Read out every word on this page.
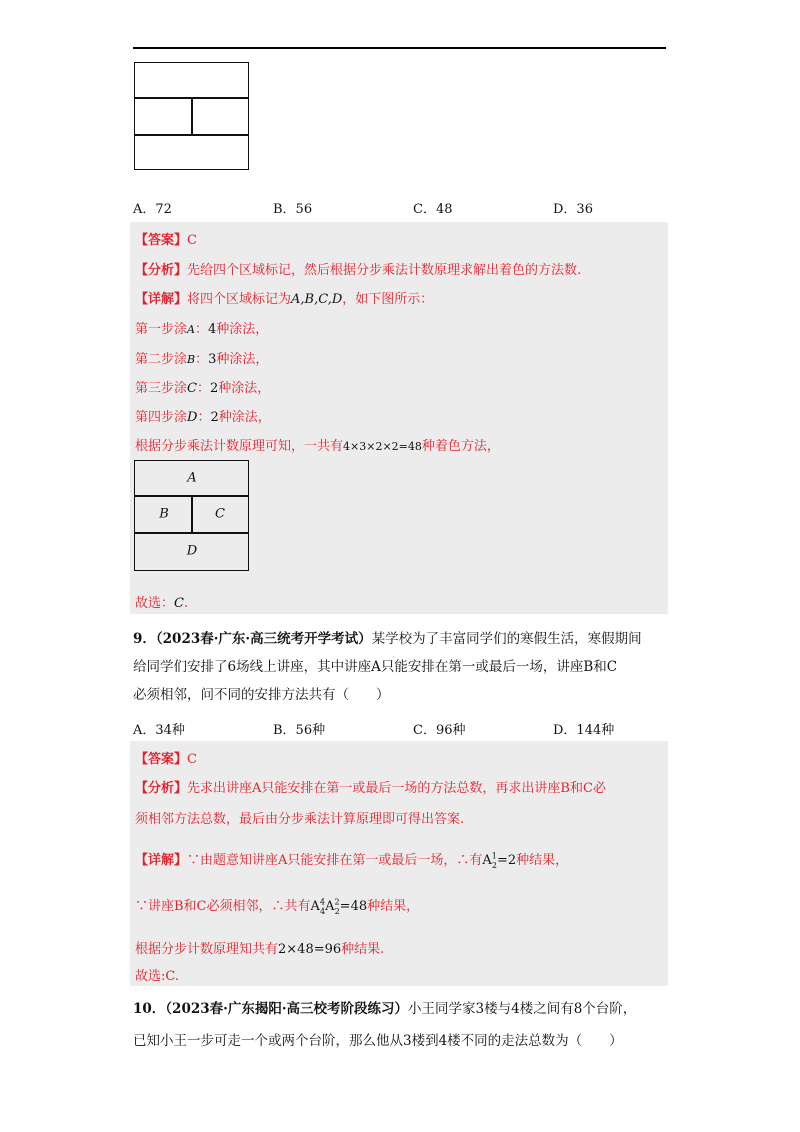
A．72	B．56	C．48	D．36
【答案】C
【分析】先给四个区域标记，然后根据分步乘法计数原理求解出着色的方法数.
【详解】将四个区域标记为A,B,C,D，如下图所示：
第一步涂A：4种涂法，
第二步涂B：3种涂法，
第三步涂C：2种涂法，
第四步涂D：2种涂法，
根据分步乘法计数原理可知，一共有4×3×2×2=48种着色方法，
A
B	C
D
故选：C.
9．（2023春·广东·高三统考开学考试）某学校为了丰富同学们的寒假生活，寒假期间
给同学们安排了6场线上讲座，其中讲座A只能安排在第一或最后一场，讲座B和C
必须相邻，问不同的安排方法共有（　　）
A．34种	B．56种	C．96种	D．144种
【答案】C
【分析】先求出讲座A只能安排在第一或最后一场的方法总数，再求出讲座B和C必
须相邻方法总数，最后由分步乘法计算原理即可得出答案.
【详解】∵由题意知讲座A只能安排在第一或最后一场，∴有$A^1_2=2$种结果，
∵讲座B和C必须相邻，∴共有$A^4_4A^2_2=48$种结果，
根据分步计数原理知共有2×48=96种结果.
故选:C.
10．（2023春·广东揭阳·高三校考阶段练习）小王同学家3楼与4楼之间有8个台阶，
已知小王一步可走一个或两个台阶，那么他从3楼到4楼不同的走法总数为（　　）
